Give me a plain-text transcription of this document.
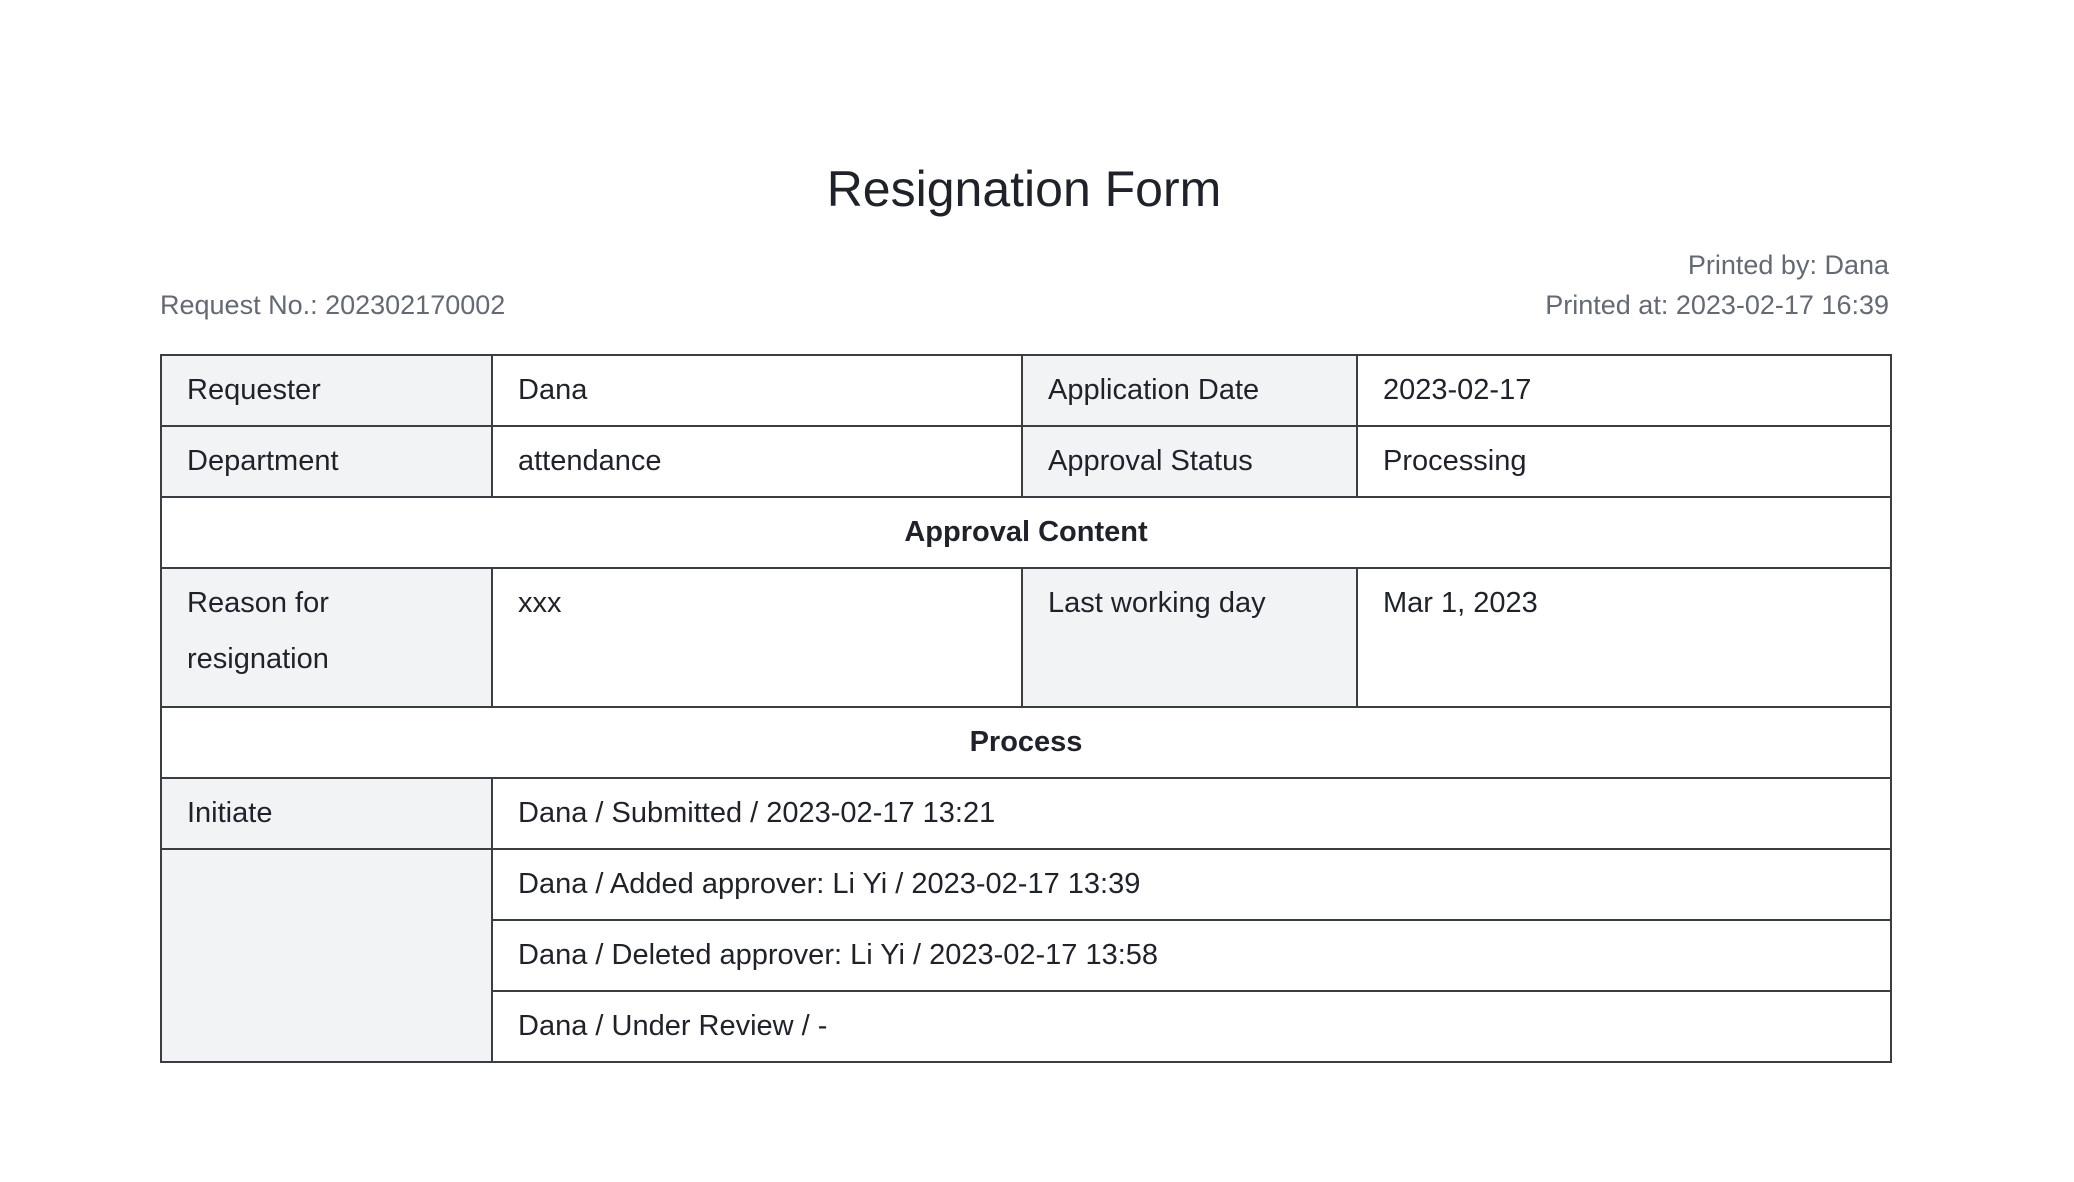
Resignation Form
Request No.: 202302170002
Printed by: Dana
Printed at: 2023-02-17 16:39
Requester	Dana	Application Date	2023-02-17
Department	attendance	Approval Status	Processing
Approval Content			

Reason for resignation	xxx	Last working day	Mar 1, 2023

Process			
Initiate	Dana / Submitted / 2023-02-17 13:21		
	Dana / Added approver: Li Yi / 2023-02-17 13:39		
	Dana / Deleted approver: Li Yi / 2023-02-17 13:58		
	Dana / Under Review / -		
